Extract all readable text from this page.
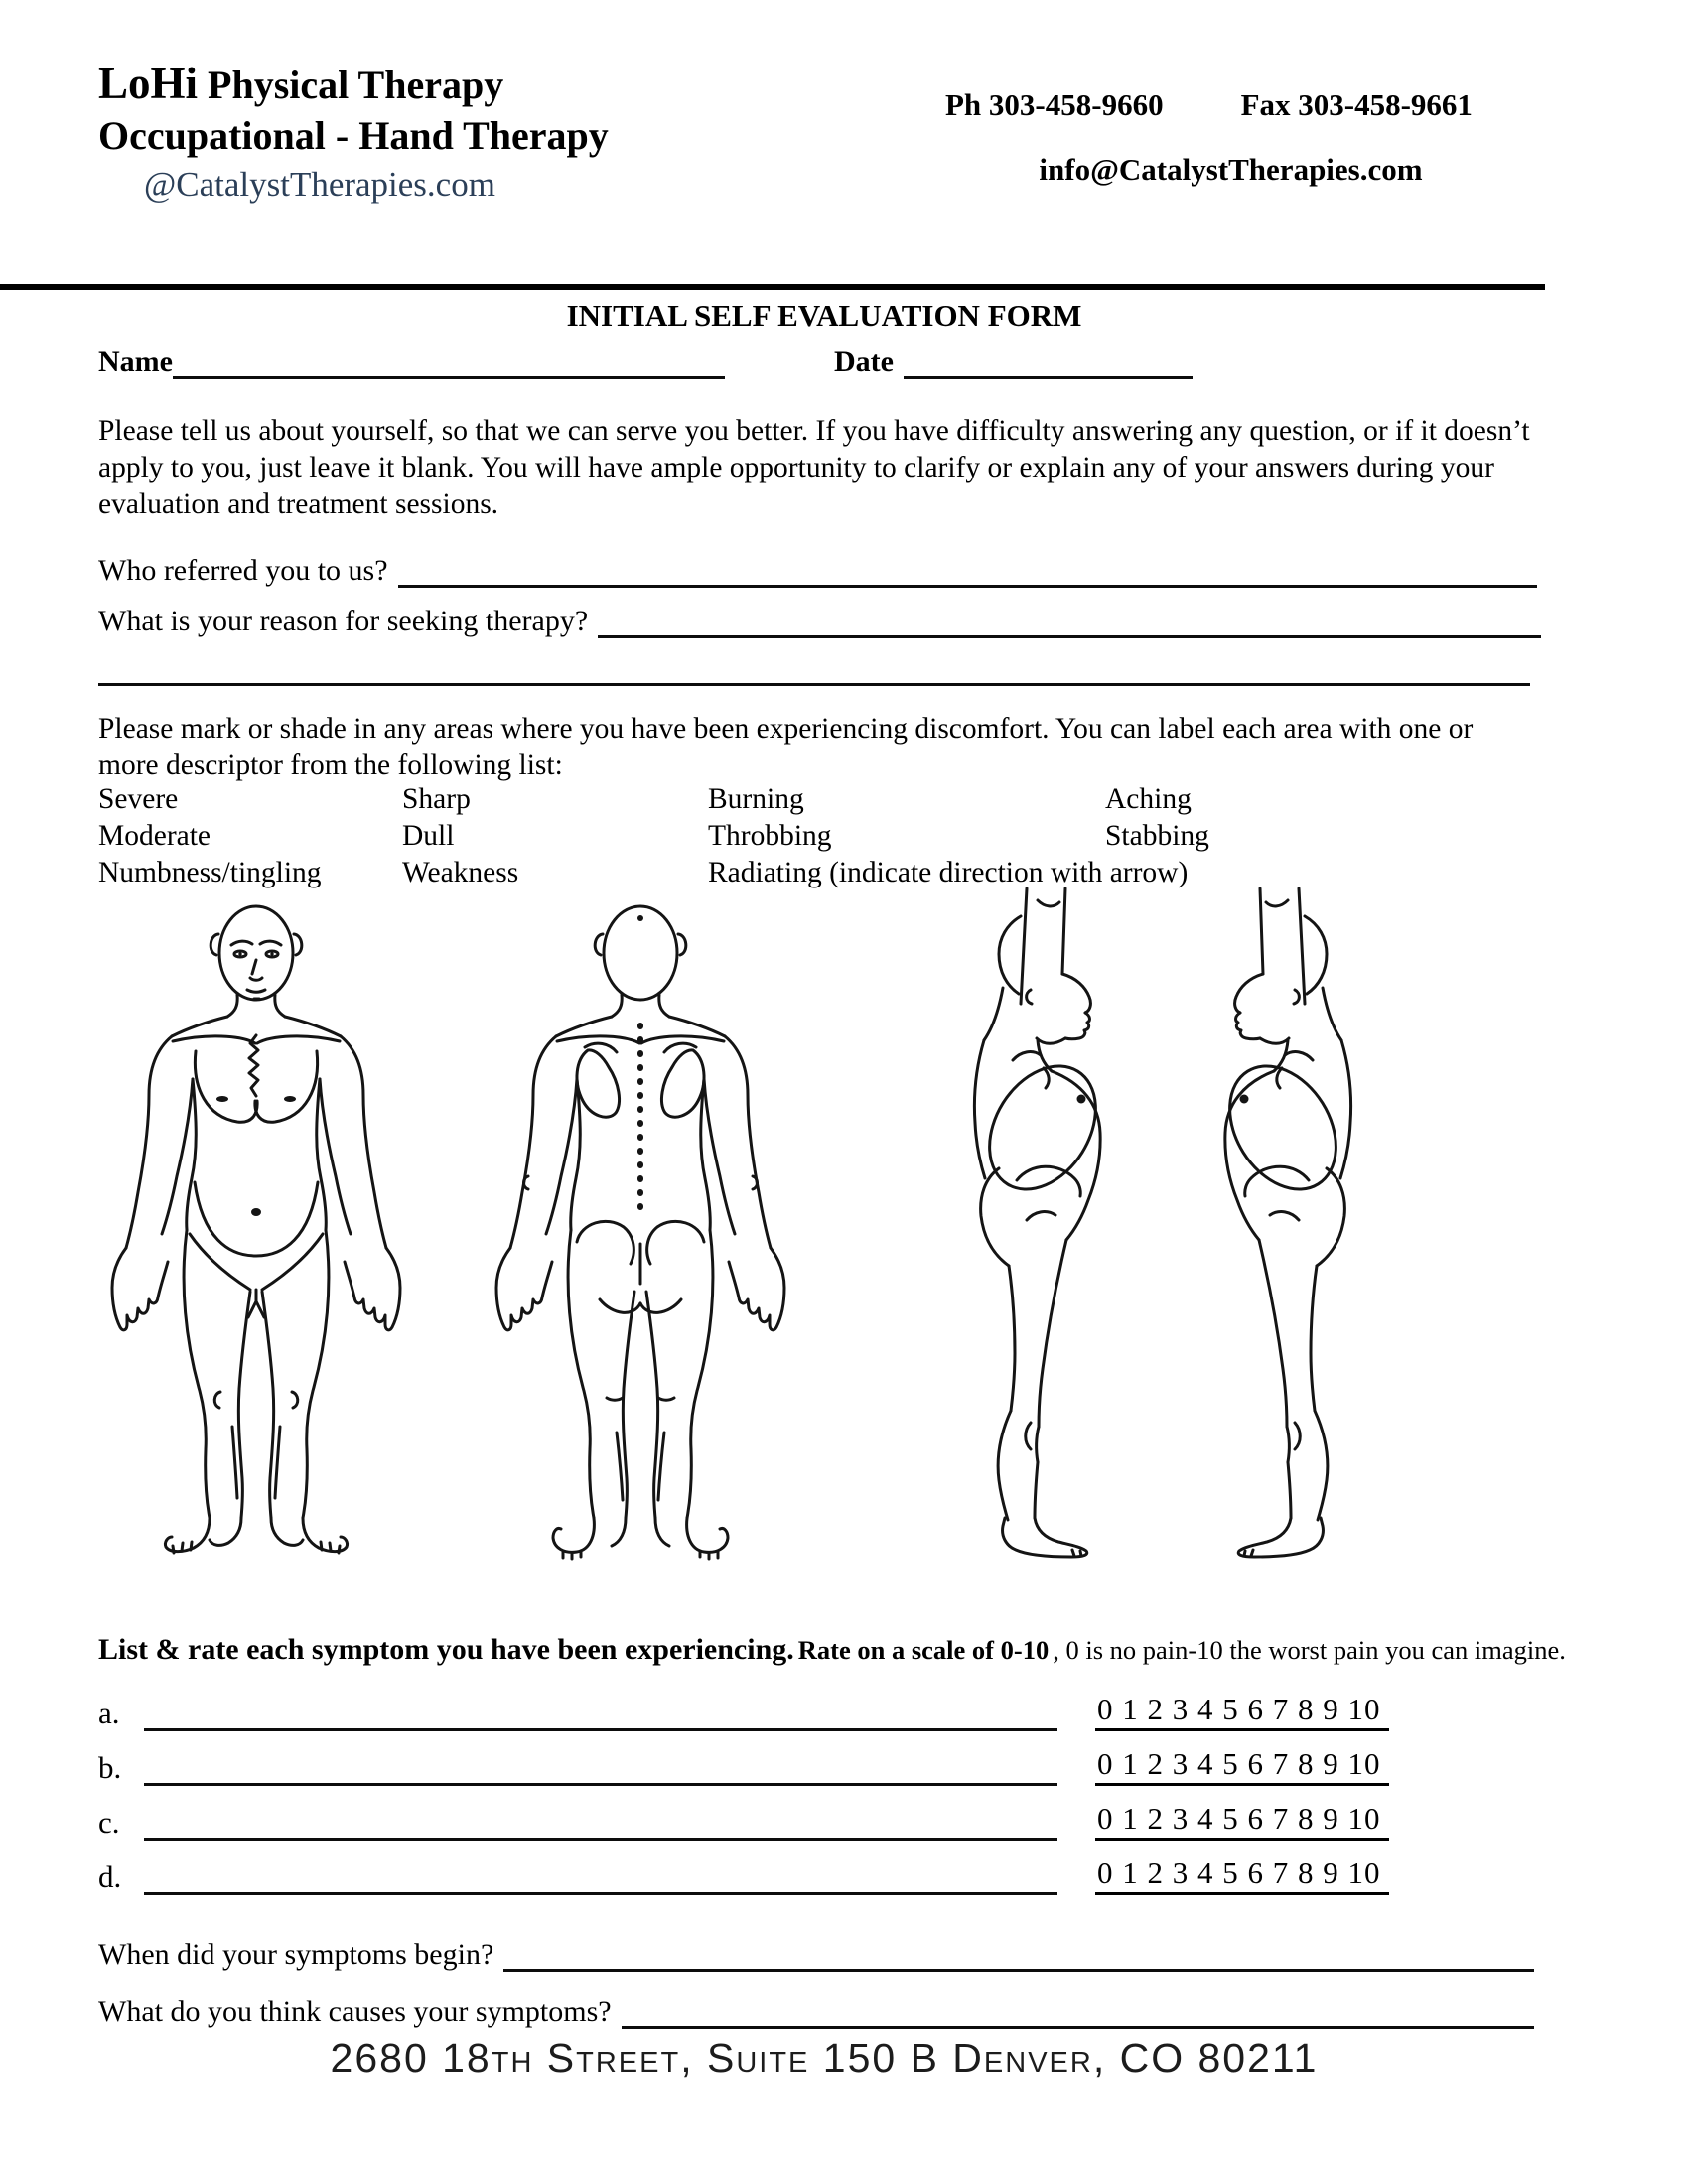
LoHi Physical Therapy
Occupational - Hand Therapy
@CatalystTherapies.com
Ph 303-458-9660	Fax 303-458-9661
info@CatalystTherapies.com
INITIAL SELF EVALUATION FORM
Name	Date
Please tell us about yourself, so that we can serve you better. If you have difficulty answering any question, or if it doesn’t apply to you, just leave it blank. You will have ample opportunity to clarify or explain any of your answers during your evaluation and treatment sessions.
Who referred you to us?
What is your reason for seeking therapy?
Please mark or shade in any areas where you have been experiencing discomfort. You can label each area with one or more descriptor from the following list:
Severe	Sharp	Burning	Aching
Moderate	Dull	Throbbing	Stabbing
Numbness/tingling	Weakness	Radiating (indicate direction with arrow)
List & rate each symptom you have been experiencing. Rate on a scale of 0-10 , 0 is no pain-10 the worst pain you can imagine.
a.	0 1 2 3 4 5 6 7 8 9 10
b.	0 1 2 3 4 5 6 7 8 9 10
c.	0 1 2 3 4 5 6 7 8 9 10
d.	0 1 2 3 4 5 6 7 8 9 10
When did your symptoms begin?
What do you think causes your symptoms?
2680 18th Street, Suite 150 B Denver, CO 80211
